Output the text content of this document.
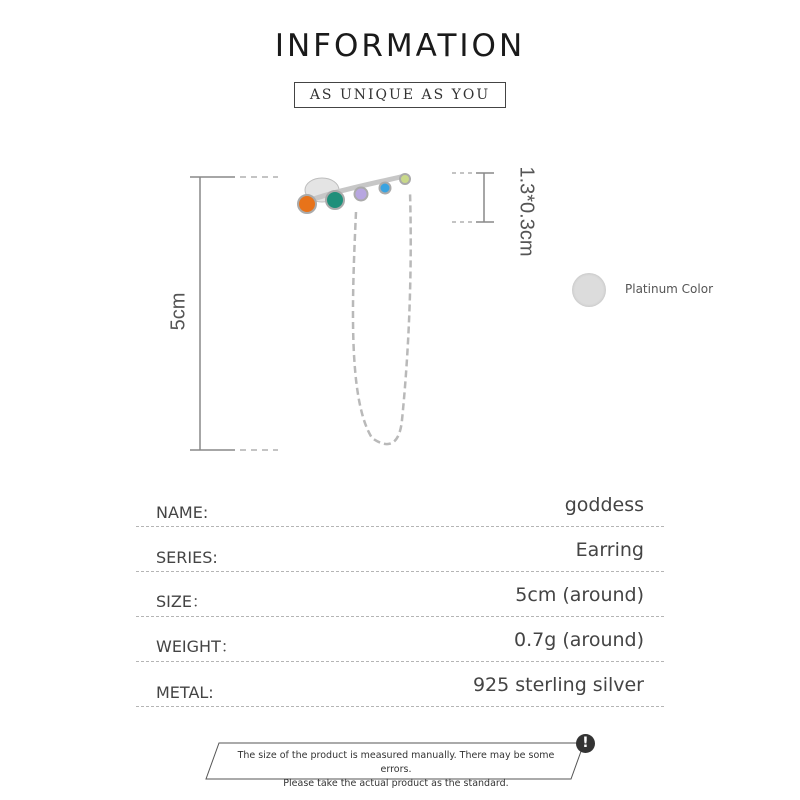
INFORMATION
AS UNIQUE AS YOU
5cm
1.3*0.3cm
Platinum Color
NAME:	goddess
SERIES:	Earring
SIZE：	5cm (around)
WEIGHT：	0.7g (around)
METAL:	925 sterling silver
The size of the product is measured manually. There may be some errors.
Please take the actual product as the standard.
!
